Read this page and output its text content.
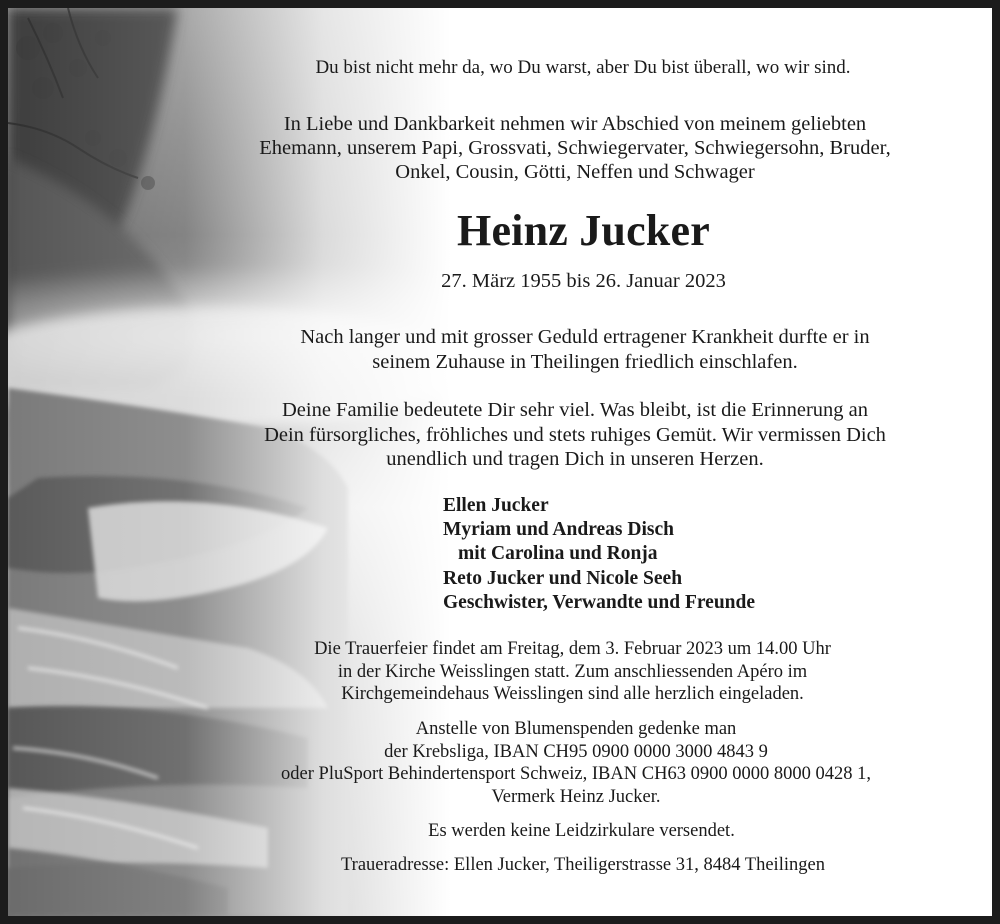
Du bist nicht mehr da, wo Du warst, aber Du bist überall, wo wir sind.
In Liebe und Dankbarkeit nehmen wir Abschied von meinem geliebten
Ehemann, unserem Papi, Grossvati, Schwiegervater, Schwiegersohn, Bruder,
Onkel, Cousin, Götti, Neffen und Schwager
Heinz Jucker
27. März 1955 bis 26. Januar 2023
Nach langer und mit grosser Geduld ertragener Krankheit durfte er in
seinem Zuhause in Theilingen friedlich einschlafen.
Deine Familie bedeutete Dir sehr viel. Was bleibt, ist die Erinnerung an
Dein fürsorgliches, fröhliches und stets ruhiges Gemüt. Wir vermissen Dich
unendlich und tragen Dich in unseren Herzen.
Ellen Jucker
Myriam und Andreas Disch
mit Carolina und Ronja
Reto Jucker und Nicole Seeh
Geschwister, Verwandte und Freunde
Die Trauerfeier findet am Freitag, dem 3. Februar 2023 um 14.00 Uhr
in der Kirche Weisslingen statt. Zum anschliessenden Apéro im
Kirchgemeindehaus Weisslingen sind alle herzlich eingeladen.
Anstelle von Blumenspenden gedenke man
der Krebsliga, IBAN CH95 0900 0000 3000 4843 9
oder PluSport Behindertensport Schweiz, IBAN CH63 0900 0000 8000 0428 1,
Vermerk Heinz Jucker.
Es werden keine Leidzirkulare versendet.
Traueradresse: Ellen Jucker, Theiligerstrasse 31, 8484 Theilingen
